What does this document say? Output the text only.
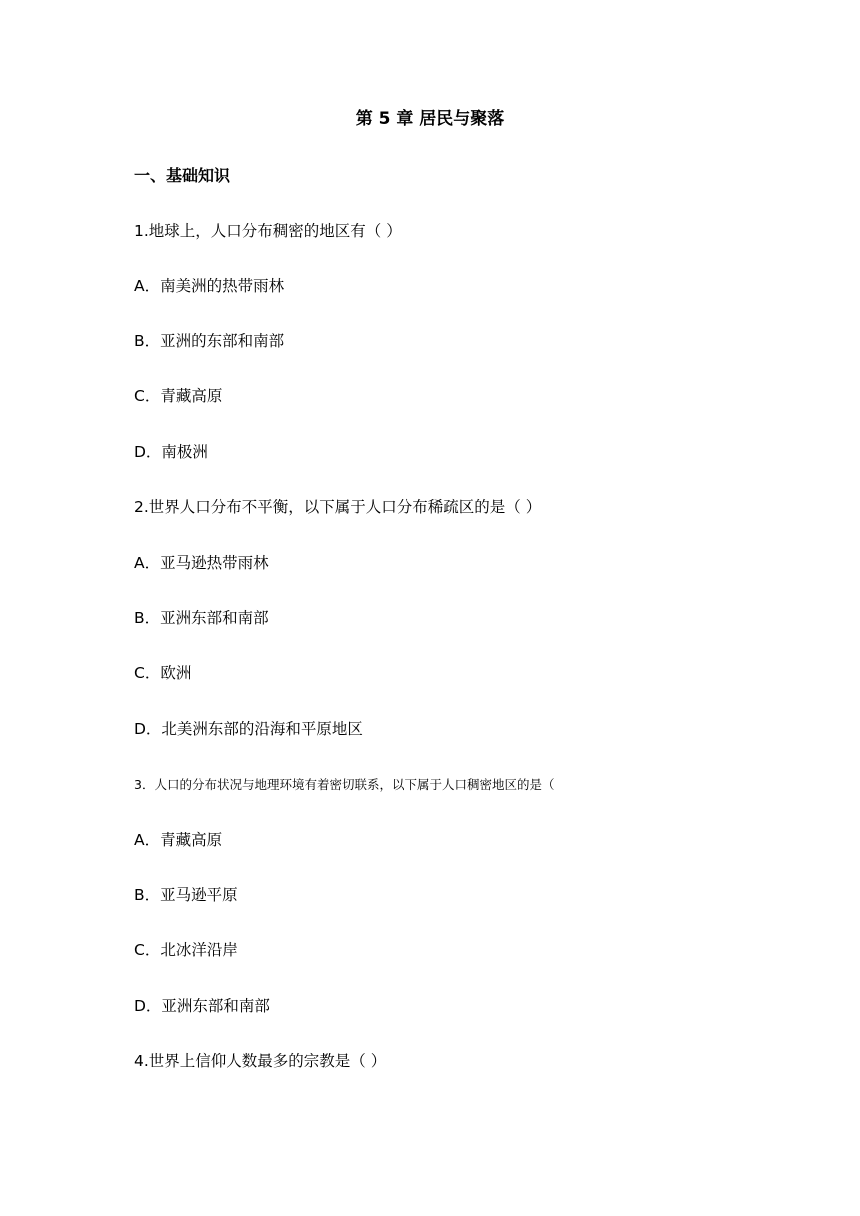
第 5 章 居民与聚落
一、基础知识
1.地球上，人口分布稠密的地区有（ ）
A．南美洲的热带雨林
B．亚洲的东部和南部
C．青藏高原
D．南极洲
2.世界人口分布不平衡，以下属于人口分布稀疏区的是（ ）
A．亚马逊热带雨林
B．亚洲东部和南部
C．欧洲
D．北美洲东部的沿海和平原地区
3．人口的分布状况与地理环境有着密切联系，以下属于人口稠密地区的是（
A．青藏高原
B．亚马逊平原
C．北冰洋沿岸
D．亚洲东部和南部
4.世界上信仰人数最多的宗教是（ ）
